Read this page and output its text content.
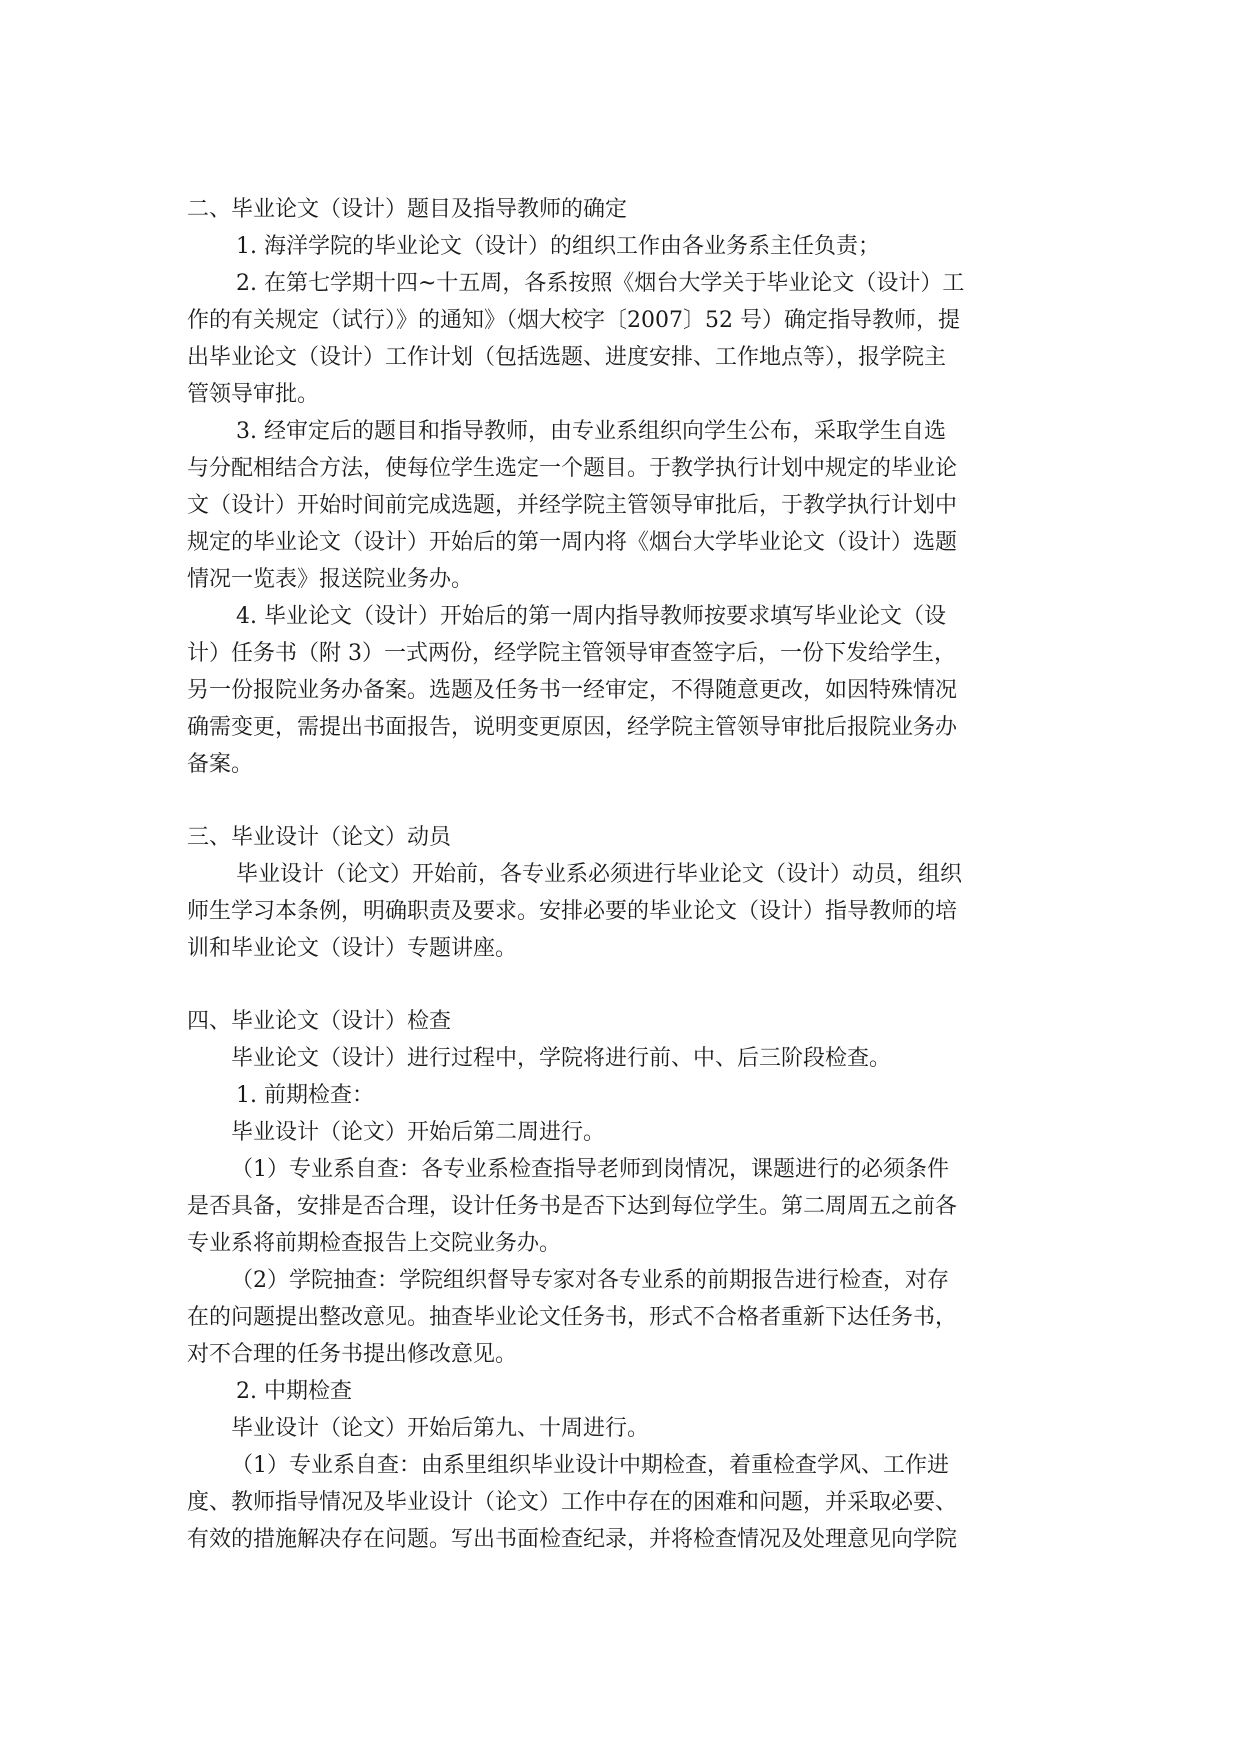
二、毕业论文（设计）题目及指导教师的确定
1. 海洋学院的毕业论文（设计）的组织工作由各业务系主任负责；
2. 在第七学期十四~十五周，各系按照《烟台大学关于毕业论文（设计）工
作的有关规定（试行）》的通知》（烟大校字〔2007〕52 号）确定指导教师，提
出毕业论文（设计）工作计划（包括选题、进度安排、工作地点等），报学院主
管领导审批。
3. 经审定后的题目和指导教师，由专业系组织向学生公布，采取学生自选
与分配相结合方法，使每位学生选定一个题目。于教学执行计划中规定的毕业论
文（设计）开始时间前完成选题，并经学院主管领导审批后，于教学执行计划中
规定的毕业论文（设计）开始后的第一周内将《烟台大学毕业论文（设计）选题
情况一览表》报送院业务办。
4. 毕业论文（设计）开始后的第一周内指导教师按要求填写毕业论文（设
计）任务书（附 3）一式两份，经学院主管领导审查签字后，一份下发给学生，
另一份报院业务办备案。选题及任务书一经审定，不得随意更改，如因特殊情况
确需变更，需提出书面报告，说明变更原因，经学院主管领导审批后报院业务办
备案。
三、毕业设计（论文）动员
毕业设计（论文）开始前，各专业系必须进行毕业论文（设计）动员，组织
师生学习本条例，明确职责及要求。安排必要的毕业论文（设计）指导教师的培
训和毕业论文（设计）专题讲座。
四、毕业论文（设计）检查
毕业论文（设计）进行过程中，学院将进行前、中、后三阶段检查。
1. 前期检查：
毕业设计（论文）开始后第二周进行。
（1）专业系自查：各专业系检查指导老师到岗情况，课题进行的必须条件
是否具备，安排是否合理，设计任务书是否下达到每位学生。第二周周五之前各
专业系将前期检查报告上交院业务办。
（2）学院抽查：学院组织督导专家对各专业系的前期报告进行检查，对存
在的问题提出整改意见。抽查毕业论文任务书，形式不合格者重新下达任务书，
对不合理的任务书提出修改意见。
2. 中期检查
毕业设计（论文）开始后第九、十周进行。
（1）专业系自查：由系里组织毕业设计中期检查，着重检查学风、工作进
度、教师指导情况及毕业设计（论文）工作中存在的困难和问题，并采取必要、
有效的措施解决存在问题。写出书面检查纪录，并将检查情况及处理意见向学院
